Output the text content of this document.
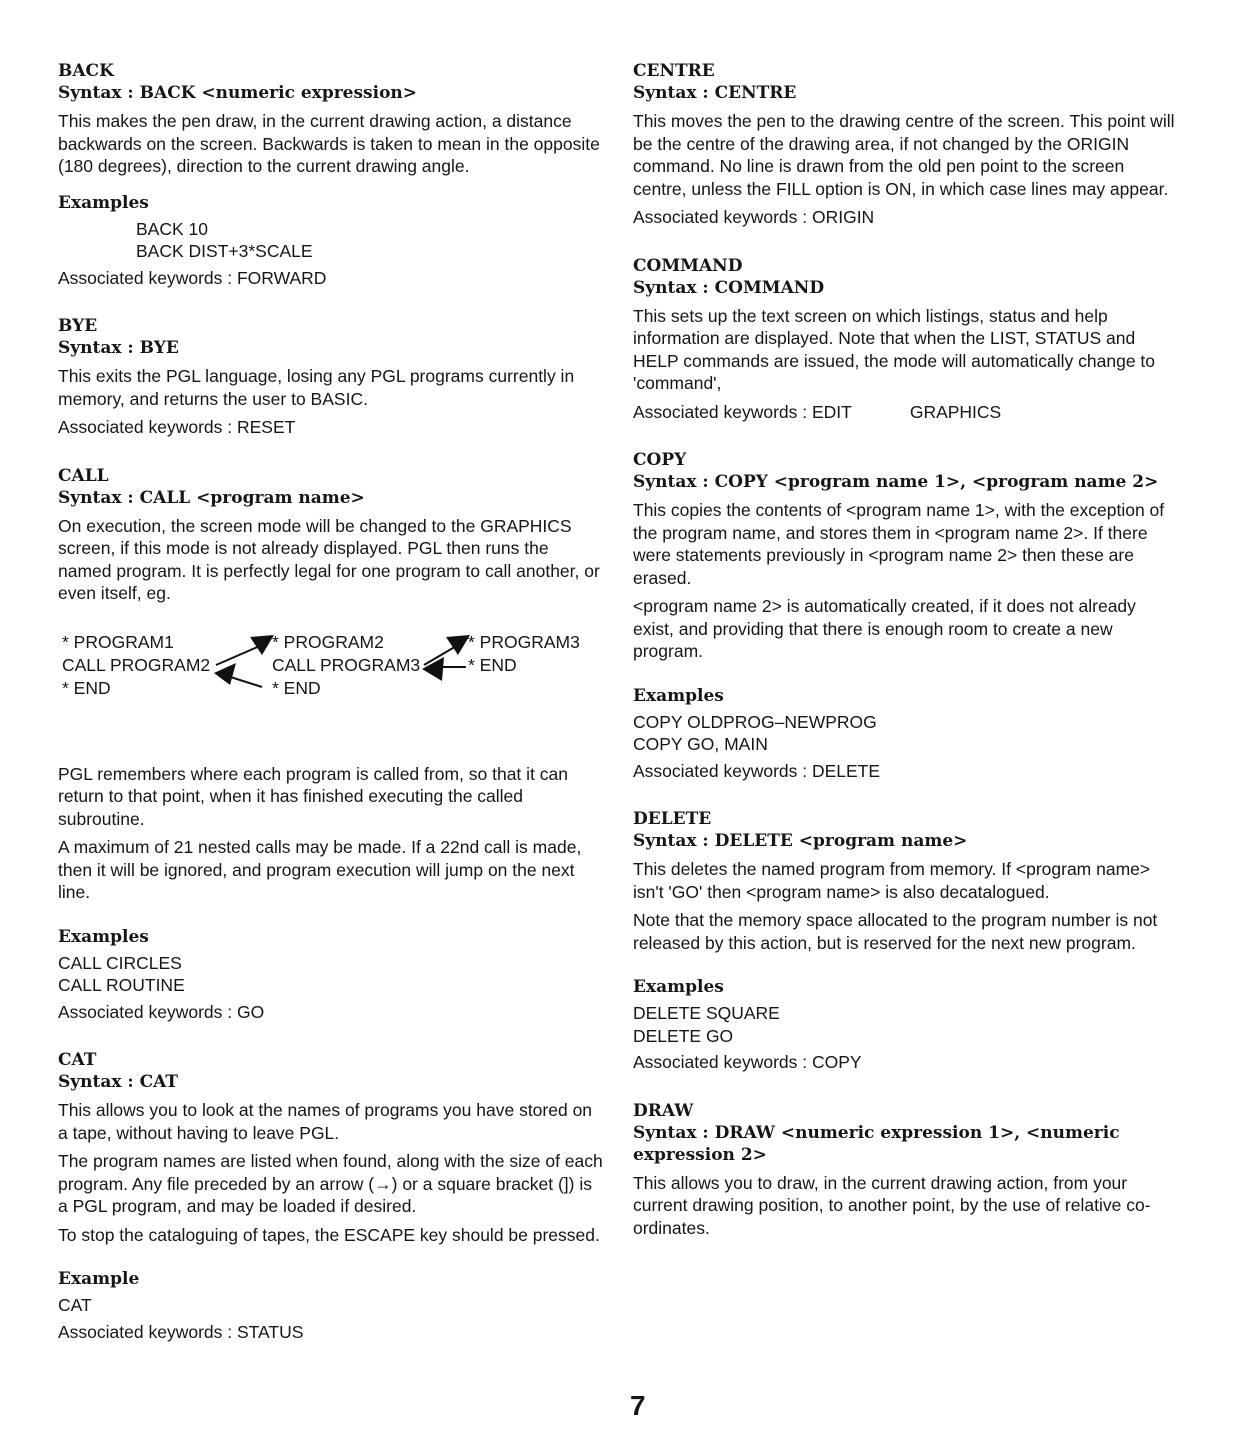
BACK
Syntax : BACK <numeric expression>

This makes the pen draw, in the current drawing action, a distance backwards on the screen. Backwards is taken to mean in the opposite (180 degrees), direction to the current drawing angle.

Examples
BACK 10
BACK DIST+3*SCALE

Associated keywords : FORWARD

BYE
Syntax : BYE

This exits the PGL language, losing any PGL programs currently in memory, and returns the user to BASIC.

Associated keywords : RESET

CALL
Syntax : CALL <program name>

On execution, the screen mode will be changed to the GRAPHICS screen, if this mode is not already displayed. PGL then runs the named program. It is perfectly legal for one program to call another, or even itself, eg.

* PROGRAM1
CALL PROGRAM2
* END
* PROGRAM2
CALL PROGRAM3
* END
* PROGRAM3
* END

PGL remembers where each program is called from, so that it can return to that point, when it has finished executing the called subroutine.

A maximum of 21 nested calls may be made. If a 22nd call is made, then it will be ignored, and program execution will jump on the next line.

Examples
CALL CIRCLES
CALL ROUTINE

Associated keywords : GO

CAT
Syntax : CAT

This allows you to look at the names of programs you have stored on a tape, without having to leave PGL.

The program names are listed when found, along with the size of each program. Any file preceded by an arrow (→) or a square bracket (]) is a PGL program, and may be loaded if desired.

To stop the cataloguing of tapes, the ESCAPE key should be pressed.

Example
CAT

Associated keywords : STATUS

CENTRE
Syntax : CENTRE

This moves the pen to the drawing centre of the screen. This point will be the centre of the drawing area, if not changed by the ORIGIN command. No line is drawn from the old pen point to the screen centre, unless the FILL option is ON, in which case lines may appear.

Associated keywords : ORIGIN

COMMAND
Syntax : COMMAND

This sets up the text screen on which listings, status and help information are displayed. Note that when the LIST, STATUS and HELP commands are issued, the mode will automatically change to 'command',

Associated keywords : EDIT	GRAPHICS

COPY
Syntax : COPY <program name 1>, <program name 2>

This copies the contents of <program name 1>, with the exception of the program name, and stores them in <program name 2>. If there were statements previously in <program name 2> then these are erased.

<program name 2> is automatically created, if it does not already exist, and providing that there is enough room to create a new program.

Examples
COPY OLDPROG–NEWPROG
COPY GO, MAIN

Associated keywords : DELETE

DELETE
Syntax : DELETE <program name>

This deletes the named program from memory. If <program name> isn't 'GO' then <program name> is also decatalogued.

Note that the memory space allocated to the program number is not released by this action, but is reserved for the next new program.

Examples
DELETE SQUARE
DELETE GO

Associated keywords : COPY

DRAW
Syntax : DRAW <numeric expression 1>, <numeric expression 2>

This allows you to draw, in the current drawing action, from your current drawing position, to another point, by the use of relative co-ordinates.

7
